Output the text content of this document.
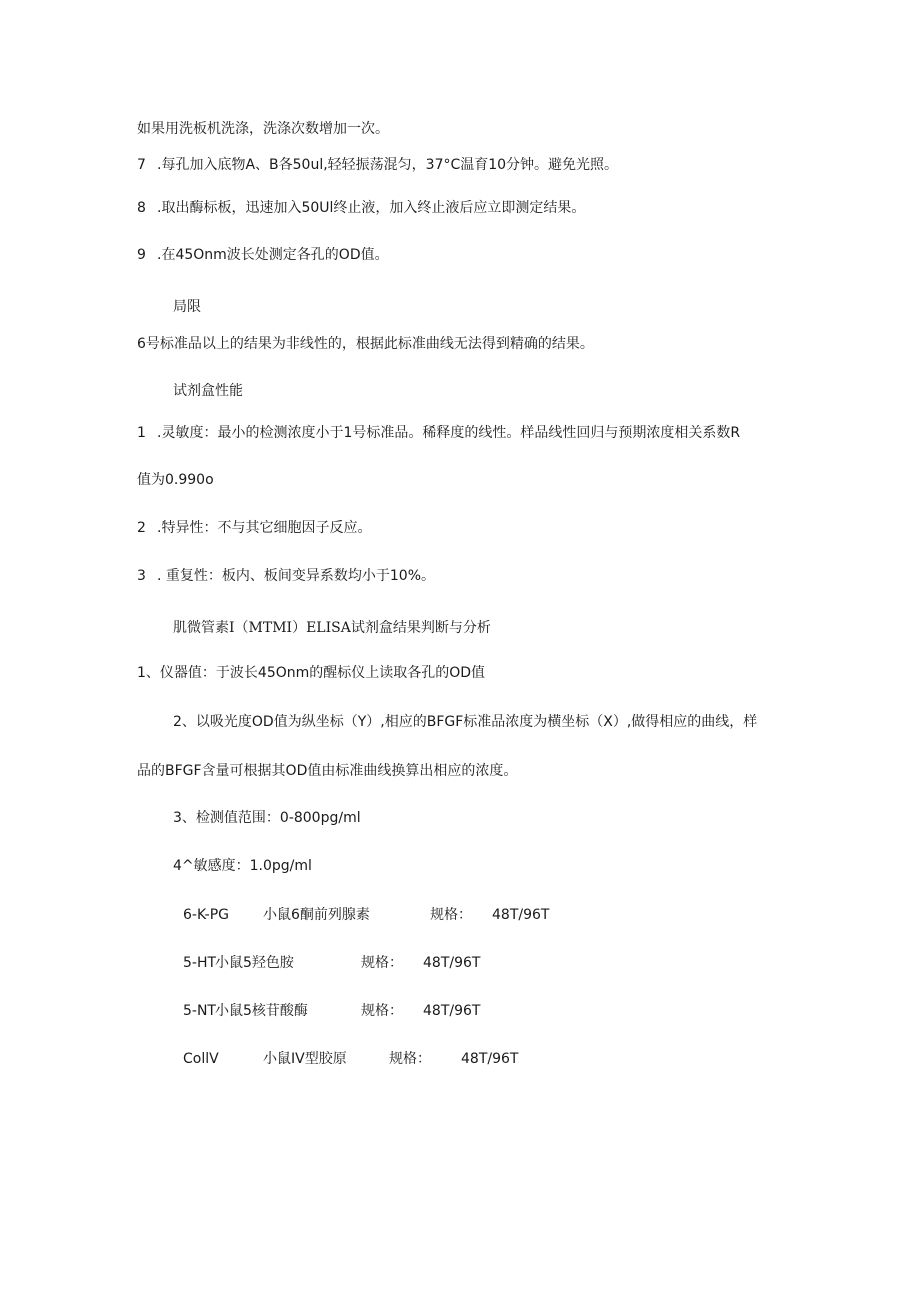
如果用洗板机洗涤，洗涤次数增加一次。
7 .每孔加入底物A、B各50ul,轻轻振荡混匀，37°C温育10分钟。避免光照。
8 .取出酶标板，迅速加入50Ul终止液，加入终止液后应立即测定结果。
9 .在45Onm波长处测定各孔的OD值。
局限
6号标准品以上的结果为非线性的，根据此标准曲线无法得到精确的结果。
试剂盒性能
1 .灵敏度：最小的检测浓度小于1号标准品。稀释度的线性。样品线性回归与预期浓度相关系数R
值为0.990o
2 .特异性：不与其它细胞因子反应。
3 . 重复性：板内、板间变异系数均小于10%。
肌微管素Ⅰ（MTMI）ELISA试剂盒结果判断与分析
1、仪器值：于波长45Onm的醒标仪上读取各孔的OD值
2、以吸光度OD值为纵坐标（Y）,相应的BFGF标准品浓度为横坐标（X）,做得相应的曲线，样
品的BFGF含量可根据其OD值由标准曲线换算出相应的浓度。
3、检测值范围：0-800pg∕ml
4^敏感度：1.0pg/ml
6-K-PG 小鼠6酮前列腺素	规格： 48T/96T
5-HT小鼠5羟色胺	规格： 48T/96T
5-NT小鼠5核苷酸酶	规格： 48T/96T
CollV	小鼠IV型胶原	规格： 48T/96T
